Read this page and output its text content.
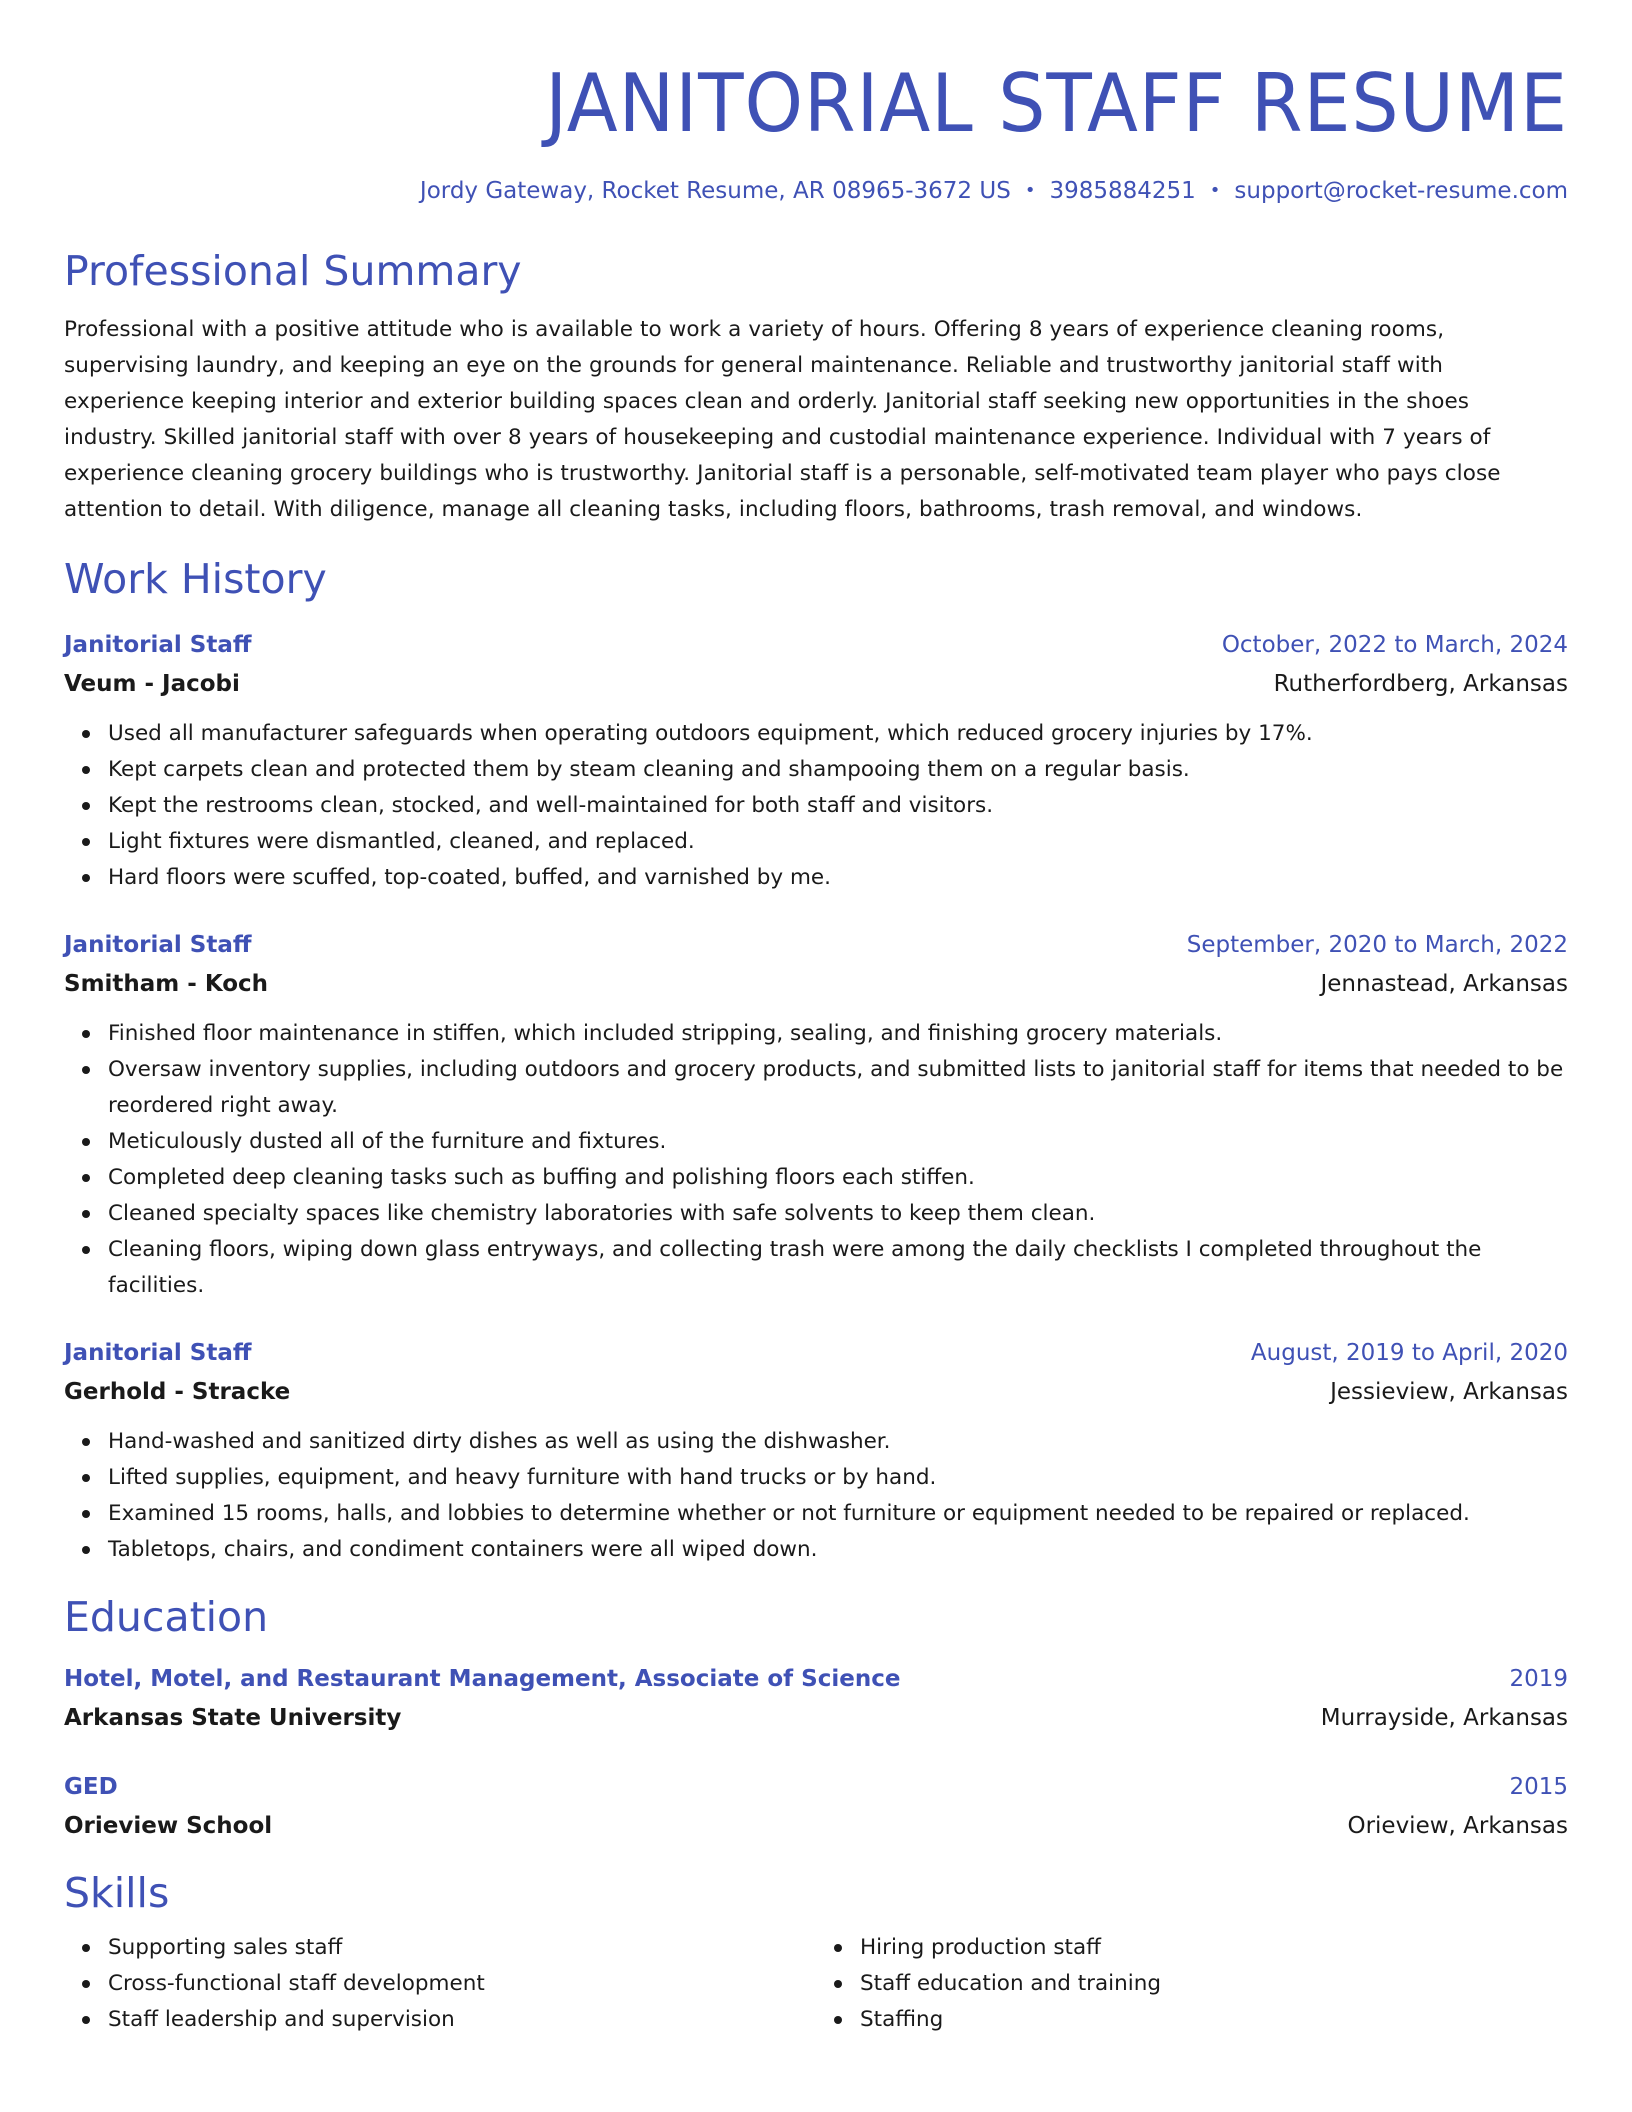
JANITORIAL STAFF RESUME
Jordy Gateway, Rocket Resume, AR 08965-3672 US • 3985884251 • support@rocket-resume.com
Professional Summary
Professional with a positive attitude who is available to work a variety of hours. Offering 8 years of experience cleaning rooms, supervising laundry, and keeping an eye on the grounds for general maintenance. Reliable and trustworthy janitorial staff with experience keeping interior and exterior building spaces clean and orderly. Janitorial staff seeking new opportunities in the shoes industry. Skilled janitorial staff with over 8 years of housekeeping and custodial maintenance experience. Individual with 7 years of experience cleaning grocery buildings who is trustworthy. Janitorial staff is a personable, self-motivated team player who pays close attention to detail. With diligence, manage all cleaning tasks, including floors, bathrooms, trash removal, and windows.
Work History
Janitorial Staff	October, 2022 to March, 2024
Veum - Jacobi	Rutherfordberg, Arkansas
Used all manufacturer safeguards when operating outdoors equipment, which reduced grocery injuries by 17%.
Kept carpets clean and protected them by steam cleaning and shampooing them on a regular basis.
Kept the restrooms clean, stocked, and well-maintained for both staff and visitors.
Light fixtures were dismantled, cleaned, and replaced.
Hard floors were scuffed, top-coated, buffed, and varnished by me.
Janitorial Staff	September, 2020 to March, 2022
Smitham - Koch	Jennastead, Arkansas
Finished floor maintenance in stiffen, which included stripping, sealing, and finishing grocery materials.
Oversaw inventory supplies, including outdoors and grocery products, and submitted lists to janitorial staff for items that needed to be reordered right away.
Meticulously dusted all of the furniture and fixtures.
Completed deep cleaning tasks such as buffing and polishing floors each stiffen.
Cleaned specialty spaces like chemistry laboratories with safe solvents to keep them clean.
Cleaning floors, wiping down glass entryways, and collecting trash were among the daily checklists I completed throughout the facilities.
Janitorial Staff	August, 2019 to April, 2020
Gerhold - Stracke	Jessieview, Arkansas
Hand-washed and sanitized dirty dishes as well as using the dishwasher.
Lifted supplies, equipment, and heavy furniture with hand trucks or by hand.
Examined 15 rooms, halls, and lobbies to determine whether or not furniture or equipment needed to be repaired or replaced.
Tabletops, chairs, and condiment containers were all wiped down.
Education
Hotel, Motel, and Restaurant Management, Associate of Science	2019
Arkansas State University	Murrayside, Arkansas
GED	2015
Orieview School	Orieview, Arkansas
Skills
Supporting sales staff
Cross-functional staff development
Staff leadership and supervision
Hiring production staff
Staff education and training
Staffing
